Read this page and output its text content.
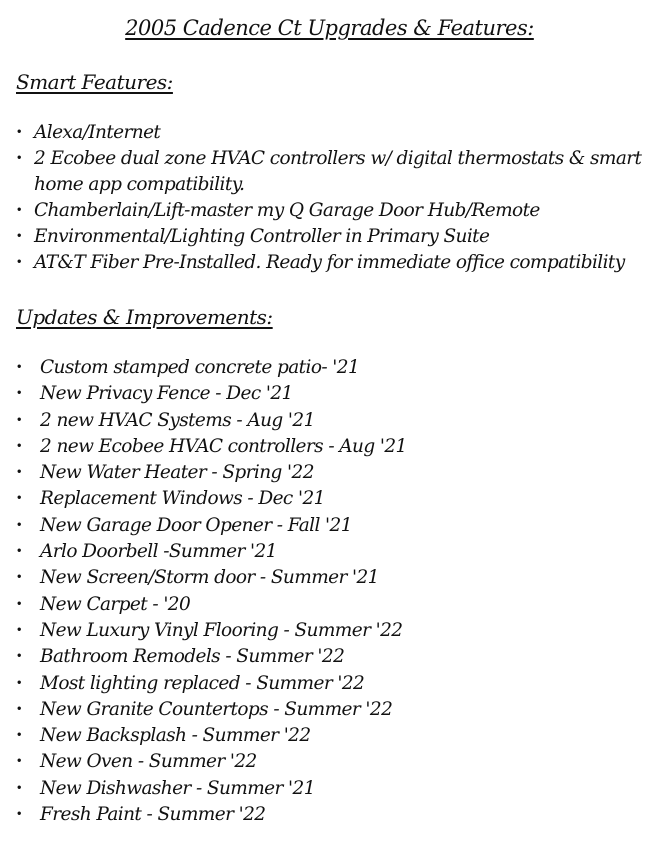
2005 Cadence Ct Upgrades & Features:
Smart Features:
· Alexa/Internet
· 2 Ecobee dual zone HVAC controllers w/ digital thermostats & smart home app compatibility.
· Chamberlain/Lift-master my Q Garage Door Hub/Remote
· Environmental/Lighting Controller in Primary Suite
· AT&T Fiber Pre-Installed. Ready for immediate office compatibility
Updates & Improvements:
· Custom stamped concrete patio- '21
· New Privacy Fence - Dec '21
· 2 new HVAC Systems - Aug '21
· 2 new Ecobee HVAC controllers - Aug '21
· New Water Heater - Spring '22
· Replacement Windows - Dec '21
· New Garage Door Opener - Fall '21
· Arlo Doorbell -Summer '21
· New Screen/Storm door - Summer '21
· New Carpet - '20
· New Luxury Vinyl Flooring - Summer '22
· Bathroom Remodels - Summer '22
· Most lighting replaced - Summer '22
· New Granite Countertops - Summer '22
· New Backsplash - Summer '22
· New Oven - Summer '22
· New Dishwasher - Summer '21
· Fresh Paint - Summer '22
